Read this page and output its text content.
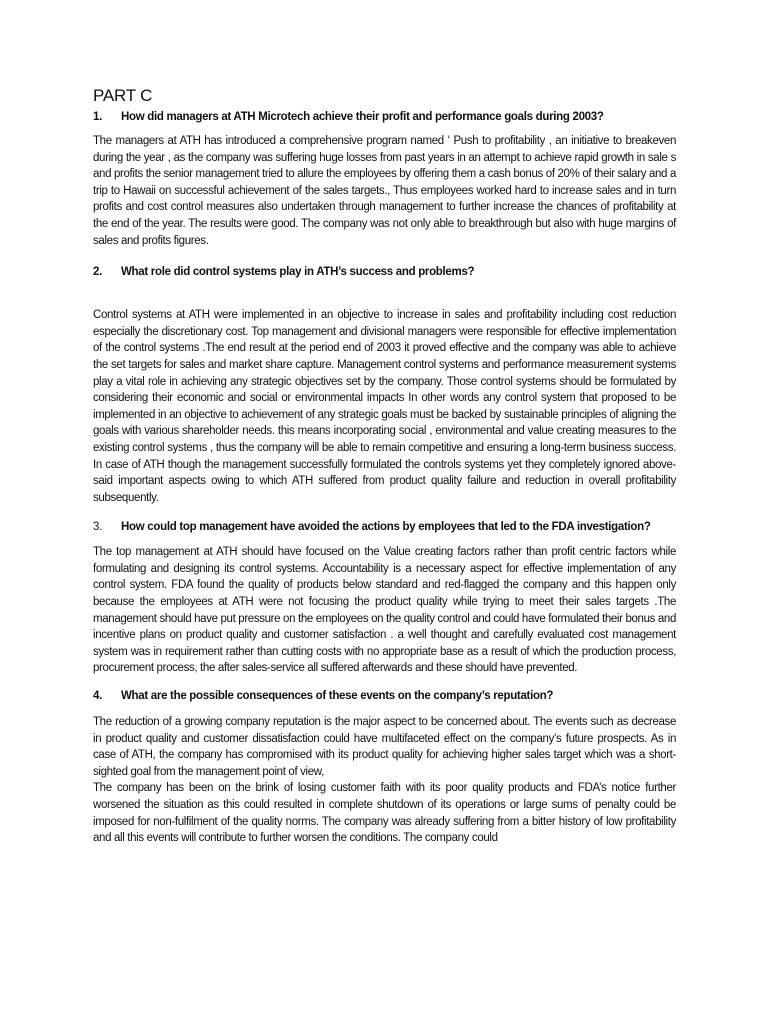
PART C
1.	How did managers at ATH Microtech achieve their profit and performance goals during 2003?

The managers at ATH has introduced a comprehensive program named ‘ Push to profitability , an initiative to breakeven during the year , as the company was suffering huge losses from past years in an attempt to achieve rapid growth in sale s and profits the senior management tried to allure the employees by offering them a cash bonus of 20% of their salary and a trip to Hawaii on successful achievement of the sales targets., Thus employees worked hard to increase sales and in turn profits and cost control measures also undertaken through management to further increase the chances of profitability at the end of the year. The results were good. The company was not only able to breakthrough but also with huge margins of sales and profits figures.

2.	What role did control systems play in ATH’s success and problems?

Control systems at ATH were implemented in an objective to increase in sales and profitability including cost reduction especially the discretionary cost. Top management and divisional managers were responsible for effective implementation of the control systems .The end result at the period end of 2003 it proved effective and the company was able to achieve the set targets for sales and market share capture. Management control systems and performance measurement systems play a vital role in achieving any strategic objectives set by the company. Those control systems should be formulated by considering their economic and social or environmental impacts In other words any control system that proposed to be implemented in an objective to achievement of any strategic goals must be backed by sustainable principles of aligning the goals with various shareholder needs. this means incorporating social , environmental and value creating measures to the existing control systems , thus the company will be able to remain competitive and ensuring a long-term business success. In case of ATH though the management successfully formulated the controls systems yet they completely ignored above-said important aspects owing to which ATH suffered from product quality failure and reduction in overall profitability subsequently.

3.	How could top management have avoided the actions by employees that led to the FDA investigation?

The top management at ATH should have focused on the Value creating factors rather than profit centric factors while formulating and designing its control systems. Accountability is a necessary aspect for effective implementation of any control system. FDA found the quality of products below standard and red-flagged the company and this happen only because the employees at ATH were not focusing the product quality while trying to meet their sales targets .The management should have put pressure on the employees on the quality control and could have formulated their bonus and incentive plans on product quality and customer satisfaction . a well thought and carefully evaluated cost management system was in requirement rather than cutting costs with no appropriate base as a result of which the production process, procurement process, the after sales-service all suffered afterwards and these should have prevented.

4.	What are the possible consequences of these events on the company’s reputation?

The reduction of a growing company reputation is the major aspect to be concerned about. The events such as decrease in product quality and customer dissatisfaction could have multifaceted effect on the company’s future prospects. As in case of ATH, the company has compromised with its product quality for achieving higher sales target which was a short-sighted goal from the management point of view,

The company has been on the brink of losing customer faith with its poor quality products and FDA’s notice further worsened the situation as this could resulted in complete shutdown of its operations or large sums of penalty could be imposed for non-fulfilment of the quality norms. The company was already suffering from a bitter history of low profitability and all this events will contribute to further worsen the conditions. The company could
